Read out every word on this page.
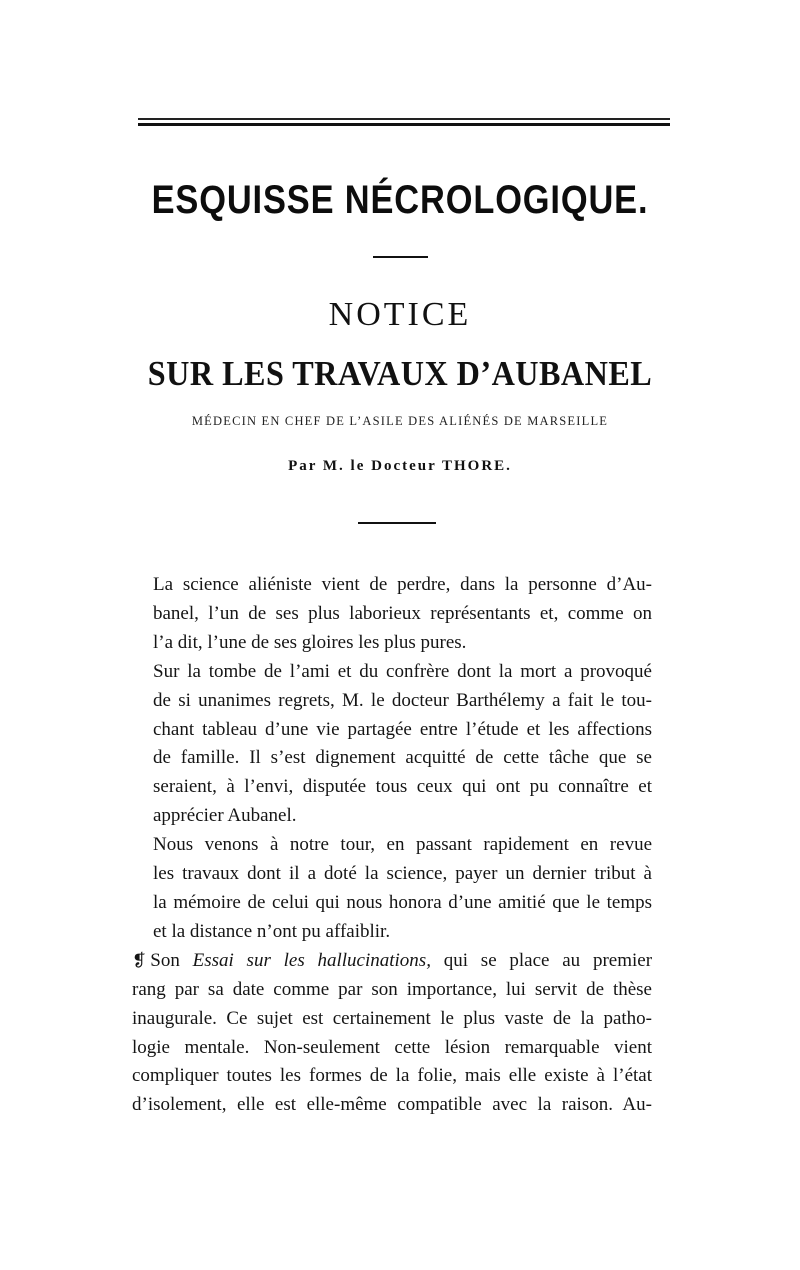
ESQUISSE NÉCROLOGIQUE.
NOTICE
SUR LES TRAVAUX D’AUBANEL
MÉDECIN EN CHEF DE L’ASILE DES ALIÉNÉS DE MARSEILLE
Par M. le Docteur THORE.

La science aliéniste vient de perdre, dans la personne d’Au-
banel, l’un de ses plus laborieux représentants et, comme on
l’a dit, l’une de ses gloires les plus pures.

Sur la tombe de l’ami et du confrère dont la mort a provoqué
de si unanimes regrets, M. le docteur Barthélemy a fait le tou-
chant tableau d’une vie partagée entre l’étude et les affections
de famille. Il s’est dignement acquitté de cette tâche que se
seraient, à l’envi, disputée tous ceux qui ont pu connaître et
apprécier Aubanel.

Nous venons à notre tour, en passant rapidement en revue
les travaux dont il a doté la science, payer un dernier tribut à
la mémoire de celui qui nous honora d’une amitié que le temps
et la distance n’ont pu affaiblir.

❡ Son Essai sur les hallucinations, qui se place au premier
rang par sa date comme par son importance, lui servit de thèse
inaugurale. Ce sujet est certainement le plus vaste de la patho-
logie mentale. Non-seulement cette lésion remarquable vient
compliquer toutes les formes de la folie, mais elle existe à l’état
d’isolement, elle est elle-même compatible avec la raison. Au-
